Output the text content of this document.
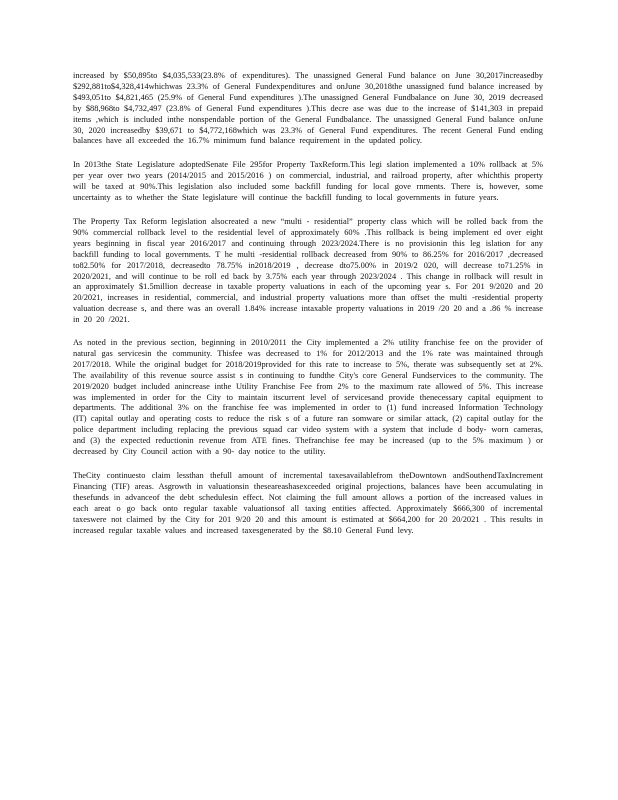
increased by $50,895to $4,035,533(23.8% of expenditures). The unassigned General Fund balance on June 30,2017increasedby $292,881to$4,328,414whichwas 23.3% of General Fundexpenditures and onJune 30,2018the unassigned fund balance increased by $493,051to $4,821,465 (25.9% of General Fund expenditures ).The unassigned General Fundbalance on June 30, 2019 decreased by $88,968to $4,732,497 (23.8% of General Fund expenditures ).This decre ase was due to the increase of $141,303 in prepaid items ,which is included inthe nonspendable portion of the General Fundbalance. The unassigned General Fund balance onJune 30, 2020 increasedby $39,671 to $4,772,168which was 23.3% of General Fund expenditures. The recent General Fund ending balances have all exceeded the 16.7% minimum fund balance requirement in the updated policy.

In 2013the State Legislature adoptedSenate File 295for Property TaxReform.This legi slation implemented a 10% rollback at 5% per year over two years (2014/2015 and 2015/2016 ) on commercial, industrial, and railroad property, after whichthis property will be taxed at 90%.This legislation also included some backfill funding for local gove rnments. There is, however, some uncertainty as to whether the State legislature will continue the backfill funding to local governments in future years.

The Property Tax Reform legislation alsocreated a new “multi - residential” property class which will be rolled back from the 90% commercial rollback level to the residential level of approximately 60% .This rollback is being implement ed over eight years beginning in fiscal year 2016/2017 and continuing through 2023/2024.There is no provisionin this leg islation for any backfill funding to local governments. T he multi -residential rollback decreased from 90% to 86.25% for 2016/2017 ,decreased to82.50% for 2017/2018, decreasedto 78.75% in2018/2019 , decrease dto75.00% in 2019/2 020, will decrease to71.25% in 2020/2021, and will continue to be roll ed back by 3.75% each year through 2023/2024 . This change in rollback will result in an approximately $1.5million decrease in taxable property valuations in each of the upcoming year s. For 201 9/2020 and 20 20/2021, increases in residential, commercial, and industrial property valuations more than offset the multi -residential property valuation decrease s, and there was an overall 1.84% increase intaxable property valuations in 2019 /20 20 and a .86 % increase in 20 20 /2021.

As noted in the previous section, beginning in 2010/2011 the City implemented a 2% utility franchise fee on the provider of natural gas servicesin the community. Thisfee was decreased to 1% for 2012/2013 and the 1% rate was maintained through 2017/2018. While the original budget for 2018/2019provided for this rate to increase to 5%, therate was subsequently set at 2%. The availability of this revenue source assist s in continuing to fundthe City's core General Fundservices to the community. The 2019/2020 budget included anincrease inthe Utility Franchise Fee from 2% to the maximum rate allowed of 5%. This increase was implemented in order for the City to maintain itscurrent level of servicesand provide thenecessary capital equipment to departments. The additional 3% on the franchise fee was implemented in order to (1) fund increased Information Technology (IT) capital outlay and operating costs to reduce the risk s of a future ran somware or similar attack, (2) capital outlay for the police department including replacing the previous squad car video system with a system that include d body- worn cameras, and (3) the expected reductionin revenue from ATE fines. Thefranchise fee may be increased (up to the 5% maximum ) or decreased by City Council action with a 90- day notice to the utility.

TheCity continuesto claim lessthan thefull amount of incremental taxesavailablefrom theDowntown andSouthendTaxIncrement Financing (TIF) areas. Asgrowth in valuationsin theseareashasexceeded original projections, balances have been accumulating in thesefunds in advanceof the debt schedulesin effect. Not claiming the full amount allows a portion of the increased values in each areat o go back onto regular taxable valuationsof all taxing entities affected. Approximately $666,300 of incremental taxeswere not claimed by the City for 201 9/20 20 and this amount is estimated at $664,200 for 20 20/2021 . This results in increased regular taxable values and increased taxesgenerated by the $8.10 General Fund levy.
